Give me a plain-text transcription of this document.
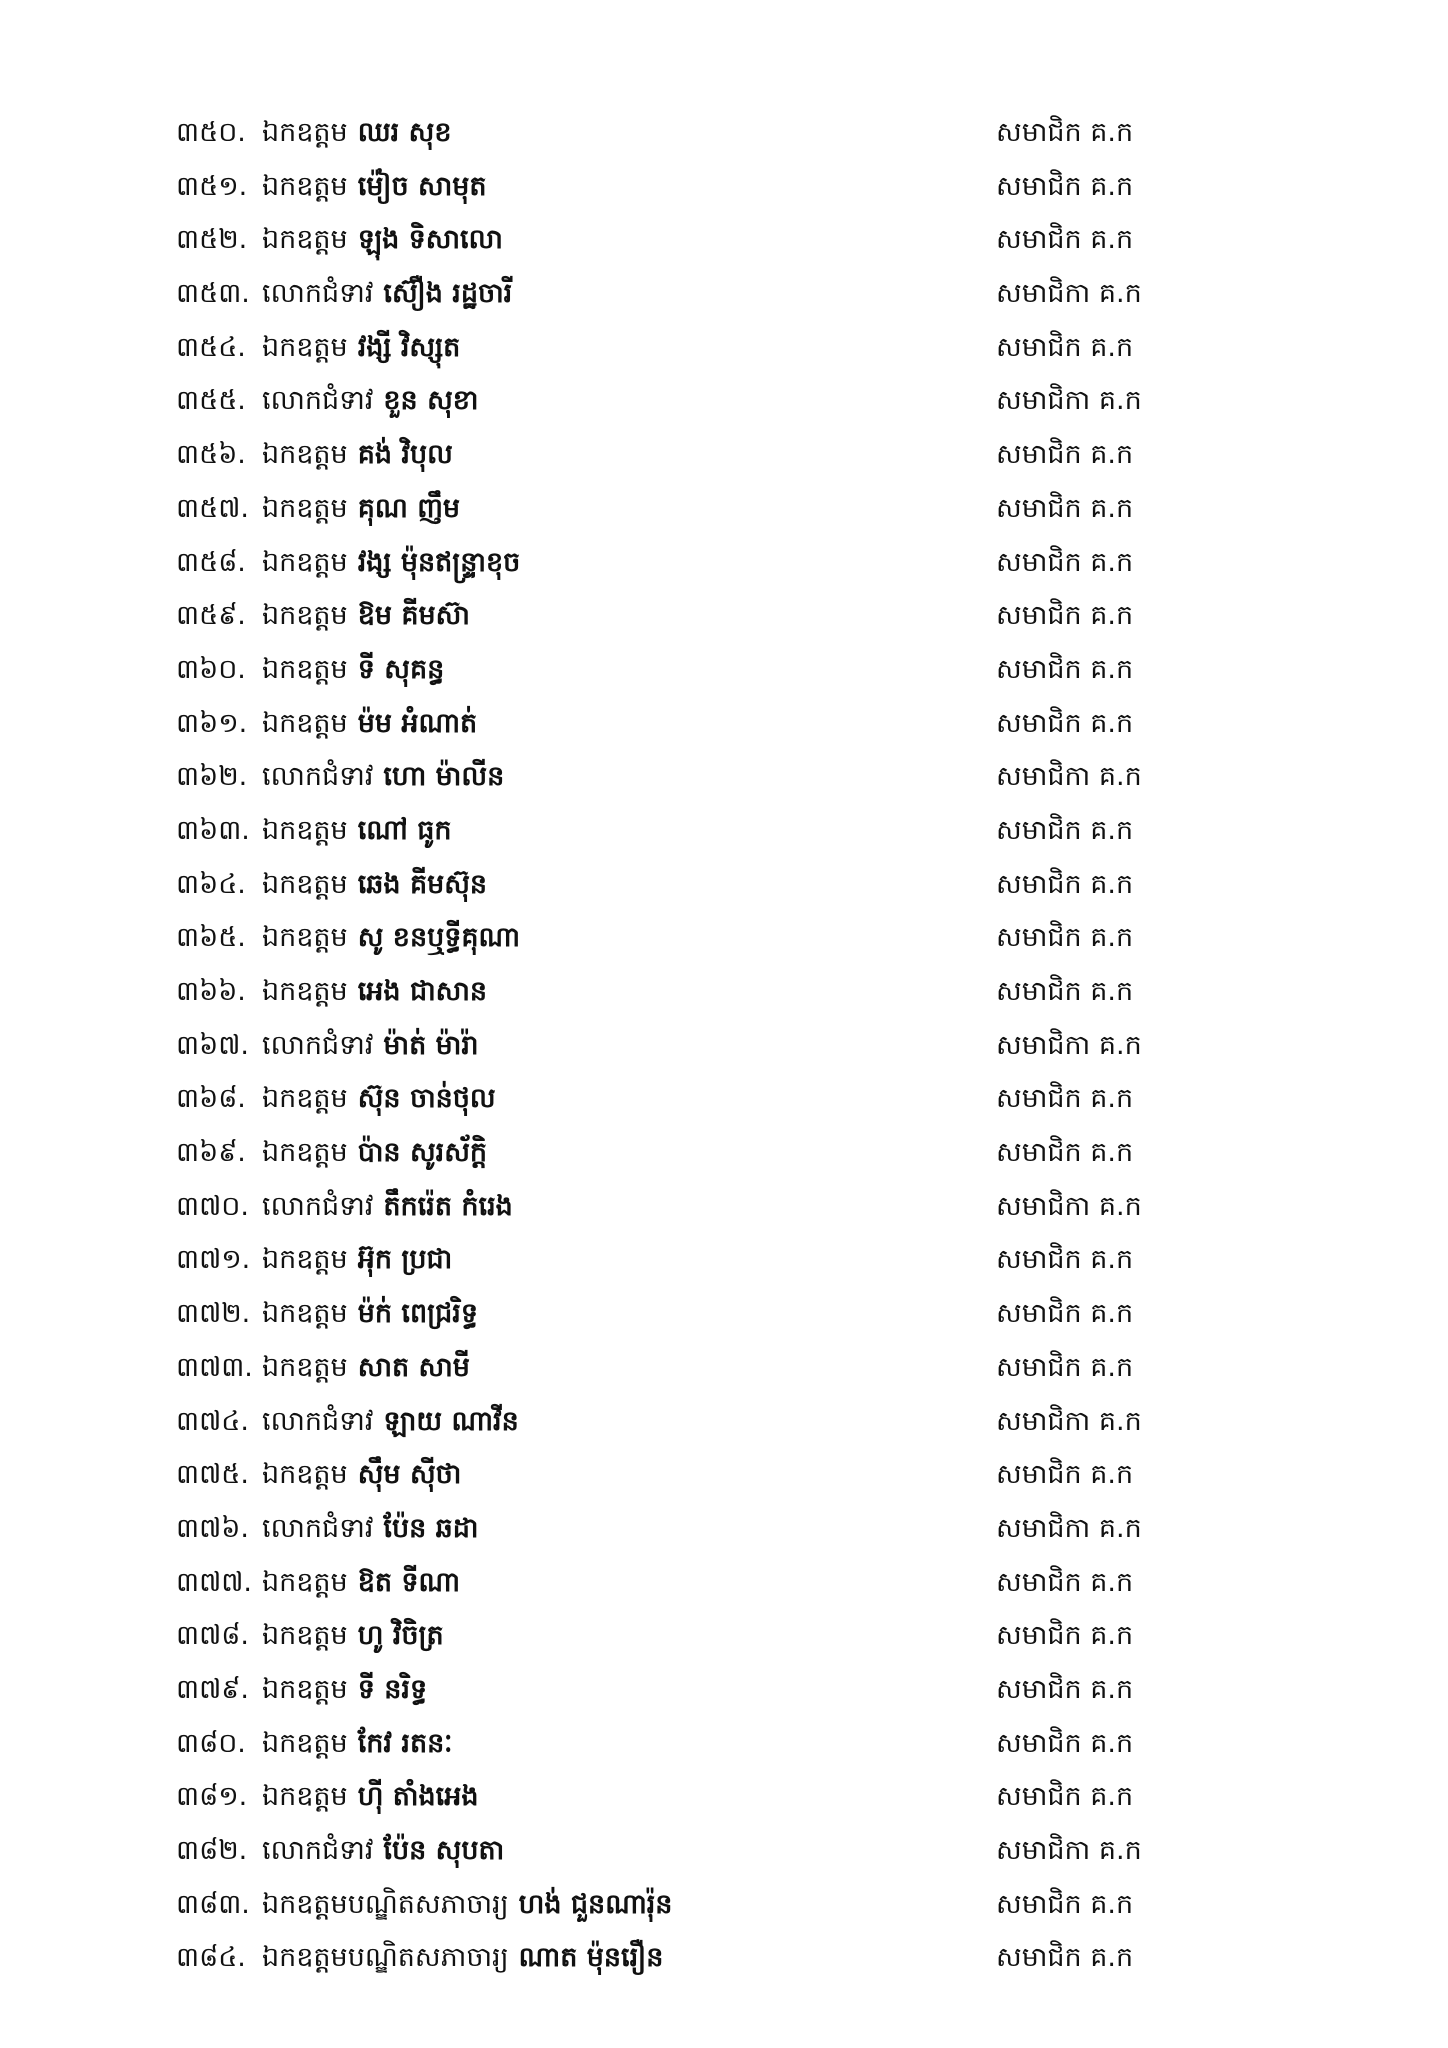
៣៥០. ឯកឧត្តម ឈរ សុខ	សមាជិក គ.ក
៣៥១. ឯកឧត្តម ម៉ៀច សាមុត	សមាជិក គ.ក
៣៥២. ឯកឧត្តម ឡុង ទិសាលោ	សមាជិក គ.ក
៣៥៣. លោកជំទាវ ស៊ឿង រដ្ឋចារី	សមាជិកា គ.ក
៣៥៤. ឯកឧត្តម វង្សី វិស្សុត	សមាជិក គ.ក
៣៥៥. លោកជំទាវ ខួន សុខា	សមាជិកា គ.ក
៣៥៦. ឯកឧត្តម គង់ វិបុល	សមាជិក គ.ក
៣៥៧. ឯកឧត្តម គុណ ញឹម	សមាជិក គ.ក
៣៥៨. ឯកឧត្តម វង្ស ម៉ុនឥន្ទ្រាខុច	សមាជិក គ.ក
៣៥៩. ឯកឧត្តម ឱម គីមស៊ា	សមាជិក គ.ក
៣៦០. ឯកឧត្តម ទី សុគន្ធ	សមាជិក គ.ក
៣៦១. ឯកឧត្តម ម៉ម អំណាត់	សមាជិក គ.ក
៣៦២. លោកជំទាវ ហោ ម៉ាលីន	សមាជិកា គ.ក
៣៦៣. ឯកឧត្តម ណៅ ធូក	សមាជិក គ.ក
៣៦៤. ឯកឧត្តម ឆេង គីមស៊ុន	សមាជិក គ.ក
៣៦៥. ឯកឧត្តម សូ ខនឬទ្ធីគុណា	សមាជិក គ.ក
៣៦៦. ឯកឧត្តម អេង ជាសាន	សមាជិក គ.ក
៣៦៧. លោកជំទាវ ម៉ាត់ ម៉ារ៉ា	សមាជិកា គ.ក
៣៦៨. ឯកឧត្តម ស៊ុន ចាន់ថុល	សមាជិក គ.ក
៣៦៩. ឯកឧត្តម ប៉ាន សូរស័ក្តិ	សមាជិក គ.ក
៣៧០. លោកជំទាវ តឹករ៉េត កំរេង	សមាជិកា គ.ក
៣៧១. ឯកឧត្តម អ៊ុក ប្រជា	សមាជិក គ.ក
៣៧២. ឯកឧត្តម ម៉ក់ ពេជ្ររិទ្ធ	សមាជិក គ.ក
៣៧៣. ឯកឧត្តម សាត សាមី	សមាជិក គ.ក
៣៧៤. លោកជំទាវ ឡាយ ណាវីន	សមាជិកា គ.ក
៣៧៥. ឯកឧត្តម ស៊ឹម ស៊ីថា	សមាជិក គ.ក
៣៧៦. លោកជំទាវ ប៉ែន ឆដា	សមាជិកា គ.ក
៣៧៧. ឯកឧត្តម ឱត ទីណា	សមាជិក គ.ក
៣៧៨. ឯកឧត្តម ហូ វិចិត្រ	សមាជិក គ.ក
៣៧៩. ឯកឧត្តម ទី នរិទ្ធ	សមាជិក គ.ក
៣៨០. ឯកឧត្តម កែវ រតនៈ	សមាជិក គ.ក
៣៨១. ឯកឧត្តម ហ៊ី តាំងអេង	សមាជិក គ.ក
៣៨២. លោកជំទាវ ប៉ែន សុបតា	សមាជិកា គ.ក
៣៨៣. ឯកឧត្តមបណ្ឌិតសភាចារ្យ ហង់ ជួនណារ៉ុន	សមាជិក គ.ក
៣៨៤. ឯកឧត្តមបណ្ឌិតសភាចារ្យ ណាត ម៉ុនរឿន	សមាជិក គ.ក
